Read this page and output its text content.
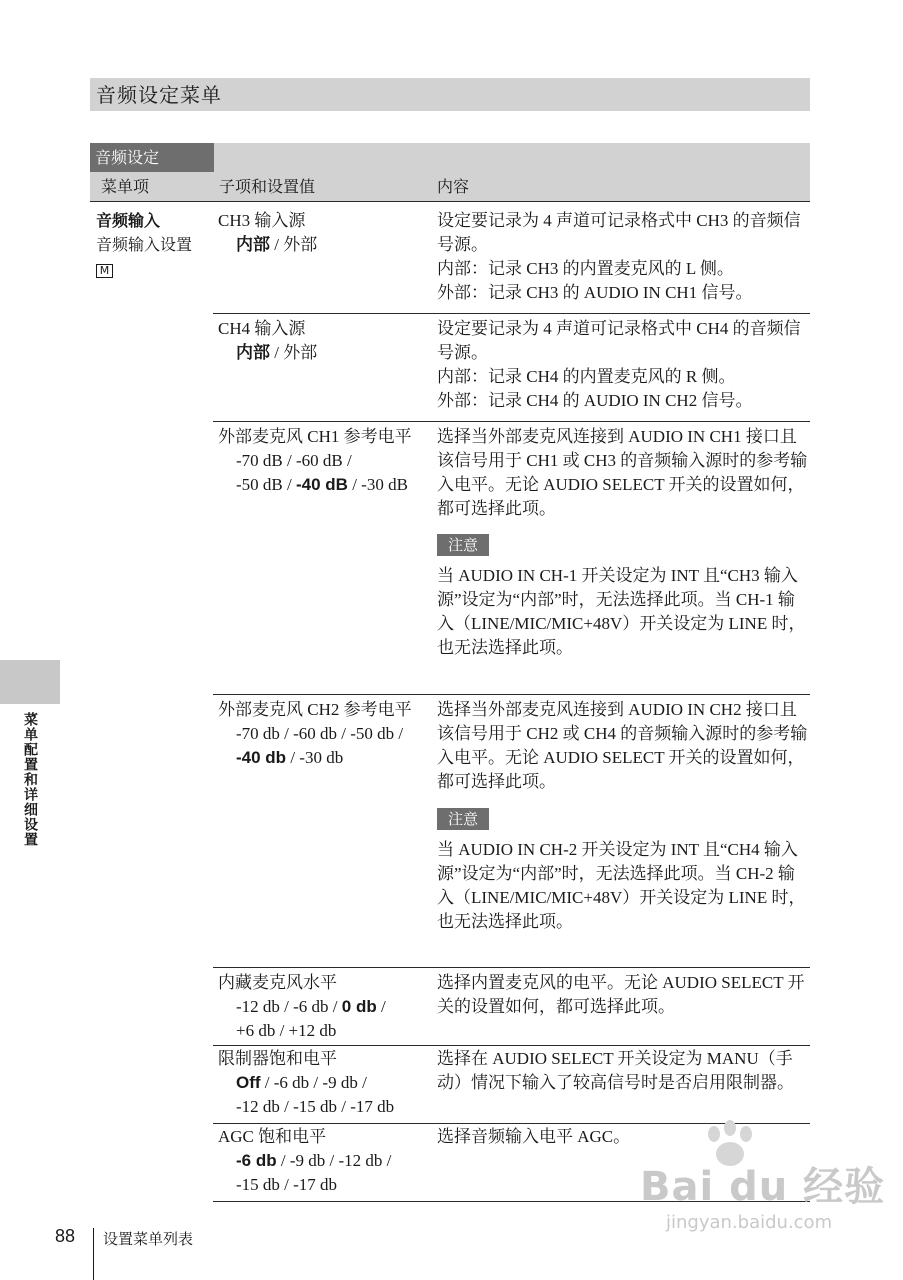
音频设定菜单
音频设定
菜单项	子项和设置值	内容
音频输入
音频输入设置
M
CH3 输入源
内部 / 外部

设定要记录为 4 声道可记录格式中 CH3 的音频信号源。

内部：记录 CH3 的内置麦克风的 L 侧。

外部：记录 CH3 的 AUDIO IN CH1 信号。

CH4 输入源
内部 / 外部

设定要记录为 4 声道可记录格式中 CH4 的音频信号源。

内部：记录 CH4 的内置麦克风的 R 侧。

外部：记录 CH4 的 AUDIO IN CH2 信号。

外部麦克风 CH1 参考电平
-70 dB / -60 dB /
-50 dB / -40 dB / -30 dB
选择当外部麦克风连接到 AUDIO IN CH1 接口且该信号用于 CH1 或 CH3 的音频输入源时的参考输入电平。无论 AUDIO SELECT 开关的设置如何，都可选择此项。
注意
当 AUDIO IN CH-1 开关设定为 INT 且“CH3 输入源”设定为“内部”时，无法选择此项。当 CH-1 输入（LINE/MIC/MIC+48V）开关设定为 LINE 时，也无法选择此项。
外部麦克风 CH2 参考电平
-70 db / -60 db / -50 db /
-40 db / -30 db
选择当外部麦克风连接到 AUDIO IN CH2 接口且该信号用于 CH2 或 CH4 的音频输入源时的参考输入电平。无论 AUDIO SELECT 开关的设置如何，都可选择此项。
注意
当 AUDIO IN CH-2 开关设定为 INT 且“CH4 输入源”设定为“内部”时，无法选择此项。当 CH-2 输入（LINE/MIC/MIC+48V）开关设定为 LINE 时，也无法选择此项。
内藏麦克风水平
-12 db / -6 db / 0 db /
+6 db / +12 db
选择内置麦克风的电平。无论 AUDIO SELECT 开关的设置如何，都可选择此项。
限制器饱和电平
Off / -6 db / -9 db /
-12 db / -15 db / -17 db
选择在 AUDIO SELECT 开关设定为 MANU（手动）情况下输入了较高信号时是否启用限制器。
AGC 饱和电平
-6 db / -9 db / -12 db /
-15 db / -17 db
选择音频输入电平 AGC。
菜单配置和详细设置
88 设置菜单列表
Bai du 经验
jingyan.baidu.com
